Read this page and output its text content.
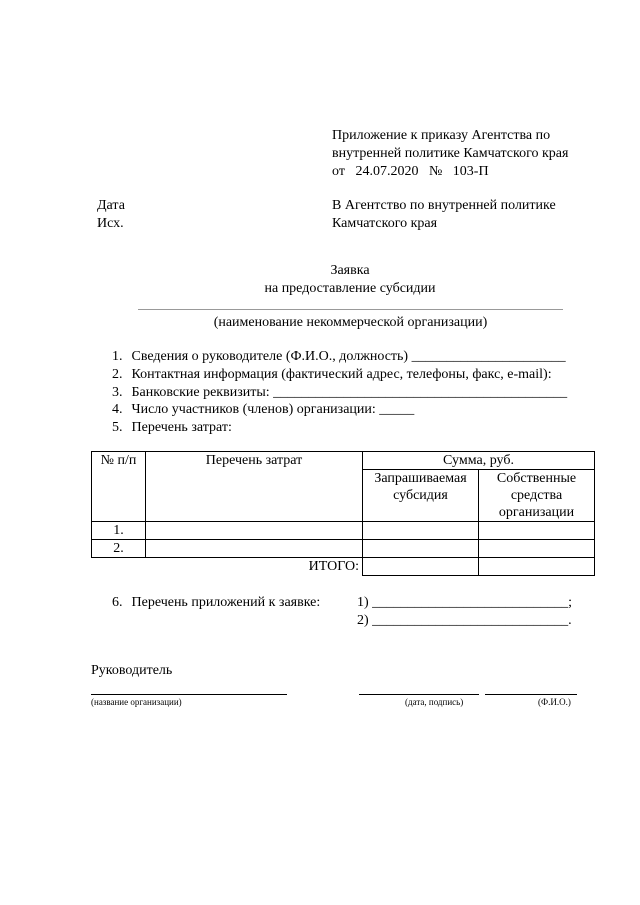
Приложение к приказу Агентства по
внутренней политике Камчатского края
от 24.07.2020 № 103-П
Дата
Исх.
В Агентство по внутренней политике
Камчатского края
Заявка
на предоставление субсидии
(наименование некоммерческой организации)
1. Сведения о руководителе (Ф.И.О., должность) ______________________
2. Контактная информация (фактический адрес, телефоны, факс, e-mail):
3. Банковские реквизиты: __________________________________________
4. Число участников (членов) организации: _____
5. Перечень затрат:
№ п/п	Перечень затрат	Сумма, руб.	
		Запрашиваемая субсидия	Собственные средства организации
1.			
2.			
	ИТОГО:		
6. Перечень приложений к заявке:	1) ____________________________;
2) ____________________________.
Руководитель
(название организации)	(дата, подпись)	(Ф.И.О.)
